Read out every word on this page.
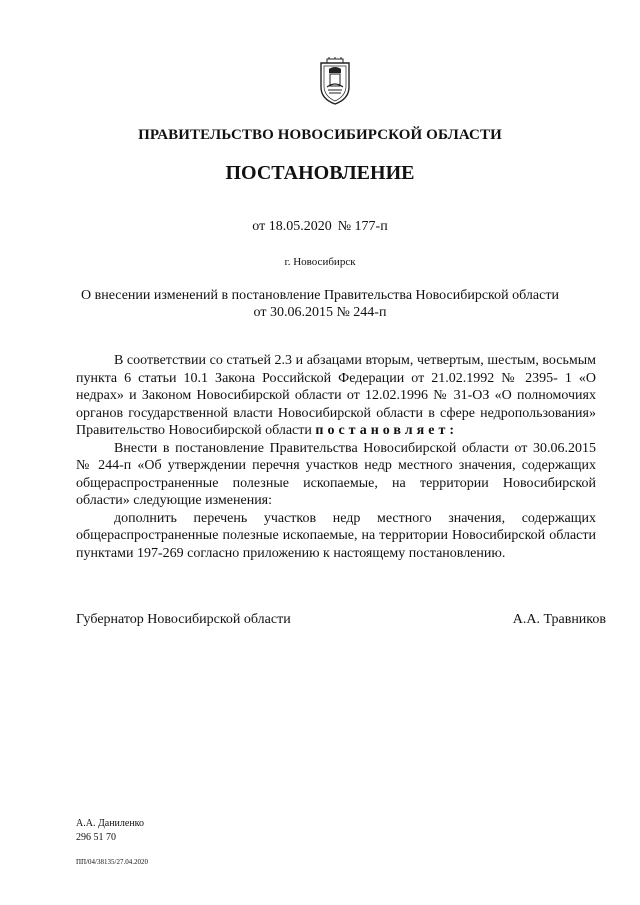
ПРАВИТЕЛЬСТВО НОВОСИБИРСКОЙ ОБЛАСТИ
ПОСТАНОВЛЕНИЕ
от 18.05.2020 № 177-п
г. Новосибирск
О внесении изменений в постановление Правительства Новосибирской области
от 30.06.2015 № 244-п

В соответствии со статьей 2.3 и абзацами вторым, четвертым, шестым, восьмым пункта 6 статьи 10.1 Закона Российской Федерации от 21.02.1992 № 2395- 1 «О недрах» и Законом Новосибирской области от 12.02.1996 № 31-ОЗ «О полномочиях органов государственной власти Новосибирской области в сфере недропользования» Правительство Новосибирской области постановляет:

Внести в постановление Правительства Новосибирской области от 30.06.2015 № 244-п «Об утверждении перечня участков недр местного значения, содержащих общераспространенные полезные ископаемые, на территории Новосибирской области» следующие изменения:

дополнить перечень участков недр местного значения, содержащих общераспространенные полезные ископаемые, на территории Новосибирской области пунктами 197-269 согласно приложению к настоящему постановлению.

Губернатор Новосибирской области	А.А. Травников
А.А. Даниленко
296 51 70
ПП/04/38135/27.04.2020
